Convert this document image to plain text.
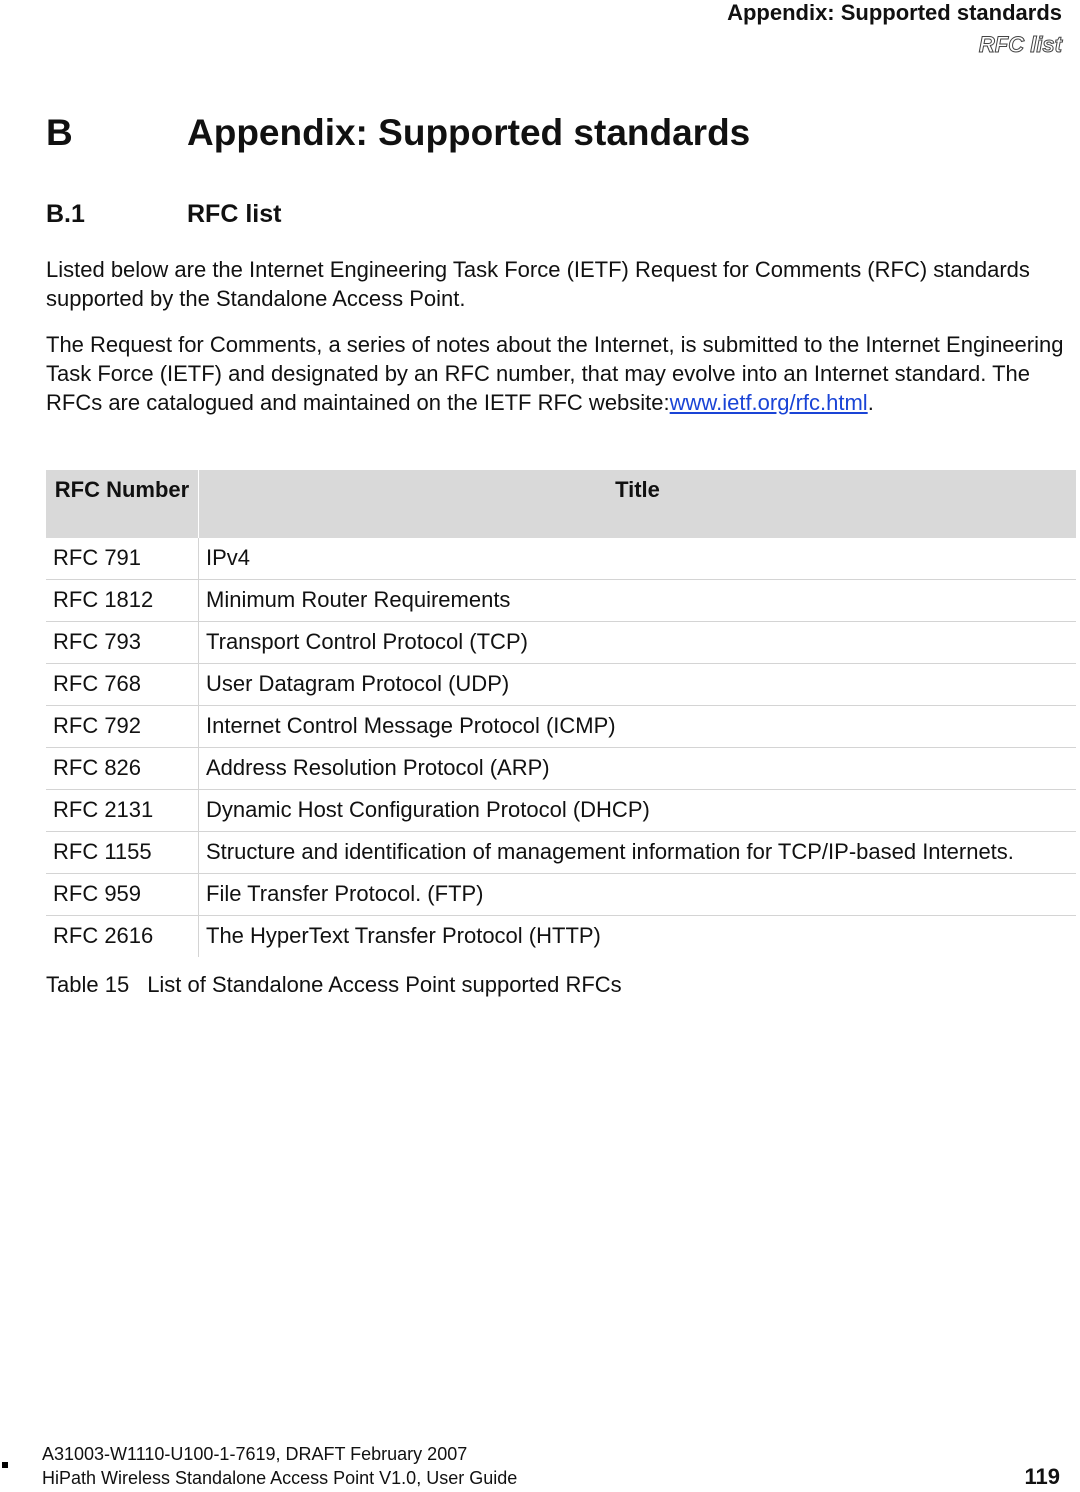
Appendix: Supported standards
RFC list
B	Appendix: Supported standards
B.1	RFC list

Listed below are the Internet Engineering Task Force (IETF) Request for Comments (RFC) standards supported by the Standalone Access Point.

The Request for Comments, a series of notes about the Internet, is submitted to the Internet Engineering Task Force (IETF) and designated by an RFC number, that may evolve into an Internet standard. The RFCs are catalogued and maintained on the IETF RFC website:www.ietf.org/rfc.html.

RFC Number	Title
RFC 791	IPv4
RFC 1812	Minimum Router Requirements
RFC 793	Transport Control Protocol (TCP)
RFC 768	User Datagram Protocol (UDP)
RFC 792	Internet Control Message Protocol (ICMP)
RFC 826	Address Resolution Protocol (ARP)
RFC 2131	Dynamic Host Configuration Protocol (DHCP)
RFC 1155	Structure and identification of management information for TCP/IP-based Internets.
RFC 959	File Transfer Protocol. (FTP)
RFC 2616	The HyperText Transfer Protocol (HTTP)
Table 15 List of Standalone Access Point supported RFCs
A31003-W1110-U100-1-7619, DRAFT February 2007
HiPath Wireless Standalone Access Point V1.0, User Guide	119
